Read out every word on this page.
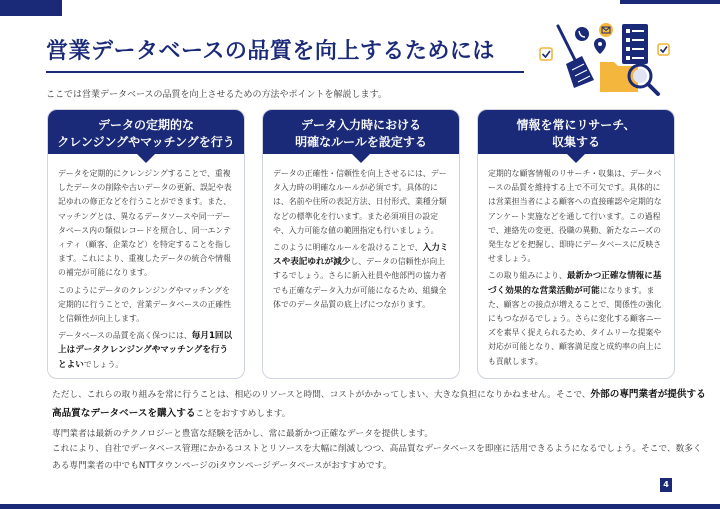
営業データベースの品質を向上するためには
ここでは営業データベースの品質を向上させるための方法やポイントを解説します。
データの定期的な
クレンジングやマッチングを行う

データを定期的にクレンジングすることで、重複したデータの削除や古いデータの更新、誤記や表記ゆれの修正などを行うことができます。また、マッチングとは、異なるデータソースや同一データベース内の類似レコードを照合し、同一エンティティ（顧客、企業など）を特定することを指します。これにより、重複したデータの統合や情報の補完が可能になります。

このようにデータのクレンジングやマッチングを定期的に行うことで、営業データベースの正確性と信頼性が向上します。

データベースの品質を高く保つには、毎月1回以上はデータクレンジングやマッチングを行うとよいでしょう。

データ入力時における
明確なルールを設定する

データの正確性・信頼性を向上させるには、データ入力時の明確なルールが必須です。具体的には、名前や住所の表記方法、日付形式、業種分類などの標準化を行います。また必須項目の設定や、入力可能な値の範囲指定も行いましょう。

このように明確なルールを設けることで、入力ミスや表記ゆれが減少し、データの信頼性が向上するでしょう。さらに新入社員や他部門の協力者でも正確なデータ入力が可能になるため、組織全体でのデータ品質の底上げにつながります。

情報を常にリサーチ、
収集する

定期的な顧客情報のリサーチ・収集は、データベースの品質を維持する上で不可欠です。具体的には営業担当者による顧客への直接確認や定期的なアンケート実施などを通して行います。この過程で、連絡先の変更、役職の異動、新たなニーズの発生などを把握し、即時にデータベースに反映させましょう。

この取り組みにより、最新かつ正確な情報に基づく効果的な営業活動が可能になります。また、顧客との接点が増えることで、関係性の強化にもつながるでしょう。さらに変化する顧客ニーズを素早く捉えられるため、タイムリーな提案や対応が可能となり、顧客満足度と成約率の向上にも貢献します。

ただし、これらの取り組みを常に行うことは、相応のリソースと時間、コストがかかってしまい、大きな負担になりかねません。そこで、外部の専門業者が提供する
高品質なデータベースを購入することをおすすめします。
専門業者は最新のテクノロジーと豊富な経験を活かし、常に最新かつ正確なデータを提供します。
これにより、自社でデータベース管理にかかるコストとリソースを大幅に削減しつつ、高品質なデータベースを即座に活用できるようになるでしょう。そこで、数多く
ある専門業者の中でもNTTタウンページのiタウンページデータベースがおすすめです。
4
